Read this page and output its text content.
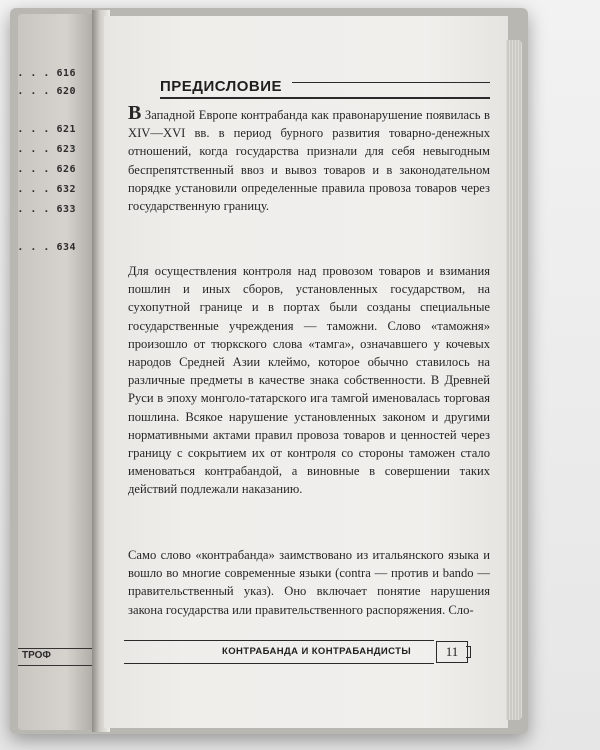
. . . 616
. . . 620
. . . 621
. . . 623
. . . 626
. . . 632
. . . 633
. . . 634
ТРОФ
ПРЕДИСЛОВИЕ

В Западной Европе контрабанда как правонарушение появилась в XIV—XVI вв. в период бурного развития товарно-денежных отношений, когда государства признали для себя невыгодным беспрепятственный ввоз и вывоз товаров и в законодательном порядке установили определенные правила провоза товаров через государственную границу.

Для осуществления контроля над провозом товаров и взимания пошлин и иных сборов, установленных государством, на сухопутной границе и в портах были созданы специальные государственные учреждения — таможни. Слово «таможня» произошло от тюркского слова «тамга», означавшего у кочевых народов Средней Азии клеймо, которое обычно ставилось на различные предметы в качестве знака собственности. В Древней Руси в эпоху монголо-татарского ига тамгой именовалась торговая пошлина. Всякое нарушение установленных законом и другими нормативными актами правил провоза товаров и ценностей через границу с сокрытием их от контроля со стороны таможен стало именоваться контрабандой, а виновные в совершении таких действий подлежали наказанию.

Само слово «контрабанда» заимствовано из итальянского языка и вошло во многие современные языки (contra — против и bando — правительственный указ). Оно включает понятие нарушения закона государства или правительственного распоряжения. Сло-

КОНТРАБАНДА И КОНТРАБАНДИСТЫ	11
